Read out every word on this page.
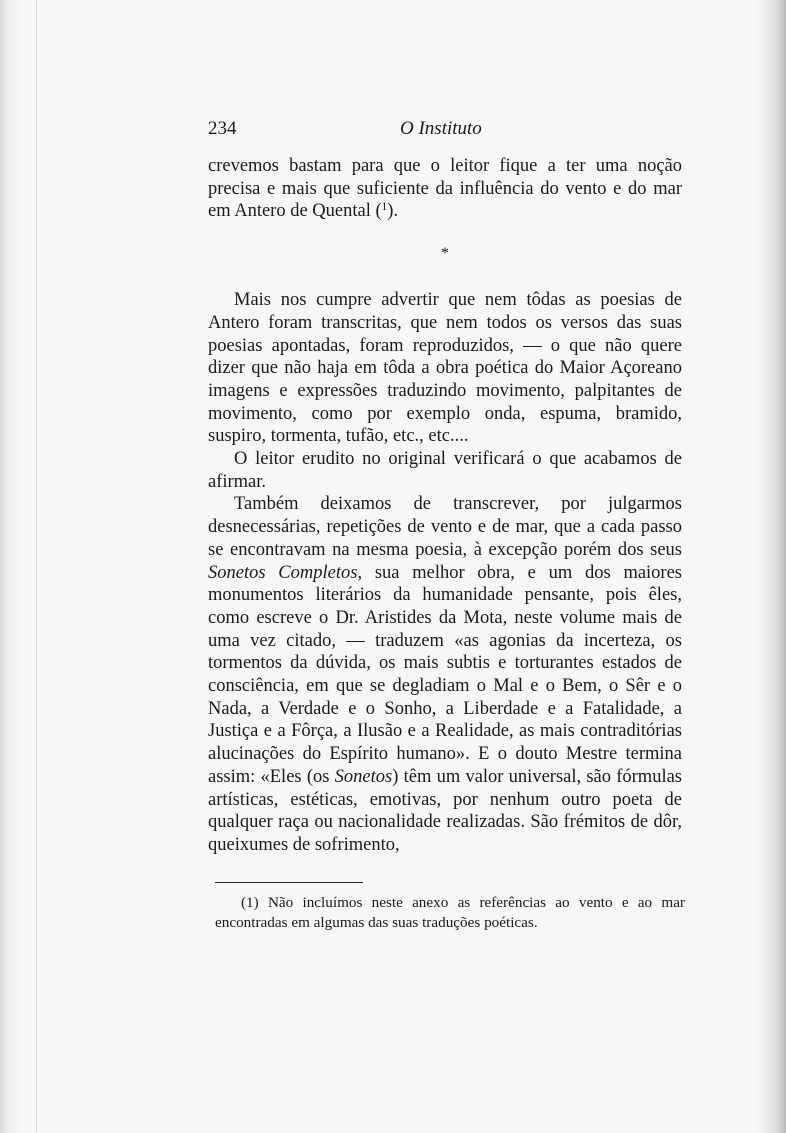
234	O Instituto

crevemos bastam para que o leitor fique a ter uma noção precisa e mais que suficiente da influência do vento e do mar em Antero de Quental ($^1$).

*

Mais nos cumpre advertir que nem tôdas as poesias de Antero foram transcritas, que nem todos os versos das suas poesias apontadas, foram reproduzidos, — o que não quere dizer que não haja em tôda a obra poética do Maior Açoreano imagens e expressões traduzindo movimento, palpitantes de movimento, como por exemplo onda, espuma, bramido, suspiro, tormenta, tufão, etc., etc....

O leitor erudito no original verificará o que acabamos de afirmar.

Também deixamos de transcrever, por julgarmos desnecessárias, repetições de vento e de mar, que a cada passo se encontravam na mesma poesia, à excepção porém dos seus Sonetos Completos, sua melhor obra, e um dos maiores monumentos literários da humanidade pensante, pois êles, como escreve o Dr. Aristides da Mota, neste volume mais de uma vez citado, — traduzem «as agonias da incerteza, os tormentos da dúvida, os mais subtis e torturantes estados de consciência, em que se degladiam o Mal e o Bem, o Sêr e o Nada, a Verdade e o Sonho, a Liberdade e a Fatalidade, a Justiça e a Fôrça, a Ilusão e a Realidade, as mais contraditórias alucinações do Espírito humano». E o douto Mestre termina assim: «Eles (os Sonetos) têm um valor universal, são fórmulas artísticas, estéticas, emotivas, por nenhum outro poeta de qualquer raça ou nacionalidade realizadas. São frémitos de dôr, queixumes de sofrimento,

(1) Não incluímos neste anexo as referências ao vento e ao mar encontradas em algumas das suas traduções poéticas.
